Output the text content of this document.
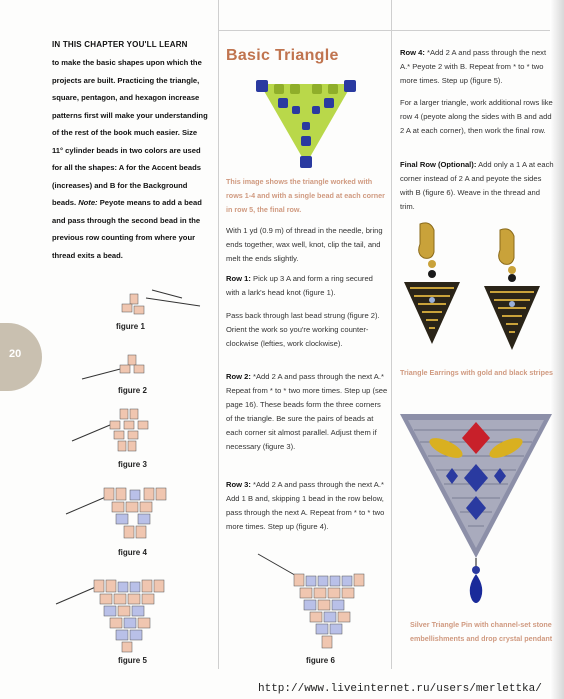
20
IN THIS CHAPTER YOU'LL LEARN
to make the basic shapes upon which the projects are built. Practicing the triangle, square, pentagon, and hexagon increase patterns first will make your understanding of the rest of the book much easier. Size 11° cylinder beads in two colors are used for all the shapes: A for the Accent beads (increases) and B for the Background beads. Note: Peyote means to add a bead and pass through the second bead in the previous row counting from where your thread exits a bead.
figure 1
figure 2
figure 3
figure 4
figure 5
Basic Triangle
This image shows the triangle worked with rows 1-4 and with a single bead at each corner in row 5, the final row.
With 1 yd (0.9 m) of thread in the needle, bring ends together, wax well, knot, clip the tail, and melt the ends slightly.
Row 1: Pick up 3 A and form a ring secured with a lark's head knot (figure 1).
Pass back through last bead strung (figure 2). Orient the work so you're working counter-clockwise (lefties, work clockwise).
Row 2: *Add 2 A and pass through the next A.* Repeat from * to * two more times. Step up (see page 16). These beads form the three corners of the triangle. Be sure the pairs of beads at each corner sit almost parallel. Adjust them if necessary (figure 3).
Row 3: *Add 2 A and pass through the next A.* Add 1 B and, skipping 1 bead in the row below, pass through the next A. Repeat from * to * two more times. Step up (figure 4).
figure 6
Row 4: *Add 2 A and pass through the next A.* Peyote 2 with B. Repeat from * to * two more times. Step up (figure 5).
For a larger triangle, work additional rows like row 4 (peyote along the sides with B and add 2 A at each corner), then work the final row.
Final Row (Optional): Add only a 1 A at each corner instead of 2 A and peyote the sides with B (figure 6). Weave in the thread and trim.
Triangle Earrings with gold and black stripes
Silver Triangle Pin with channel-set stone embellishments and drop crystal pendant
http://www.liveinternet.ru/users/merlettka/
